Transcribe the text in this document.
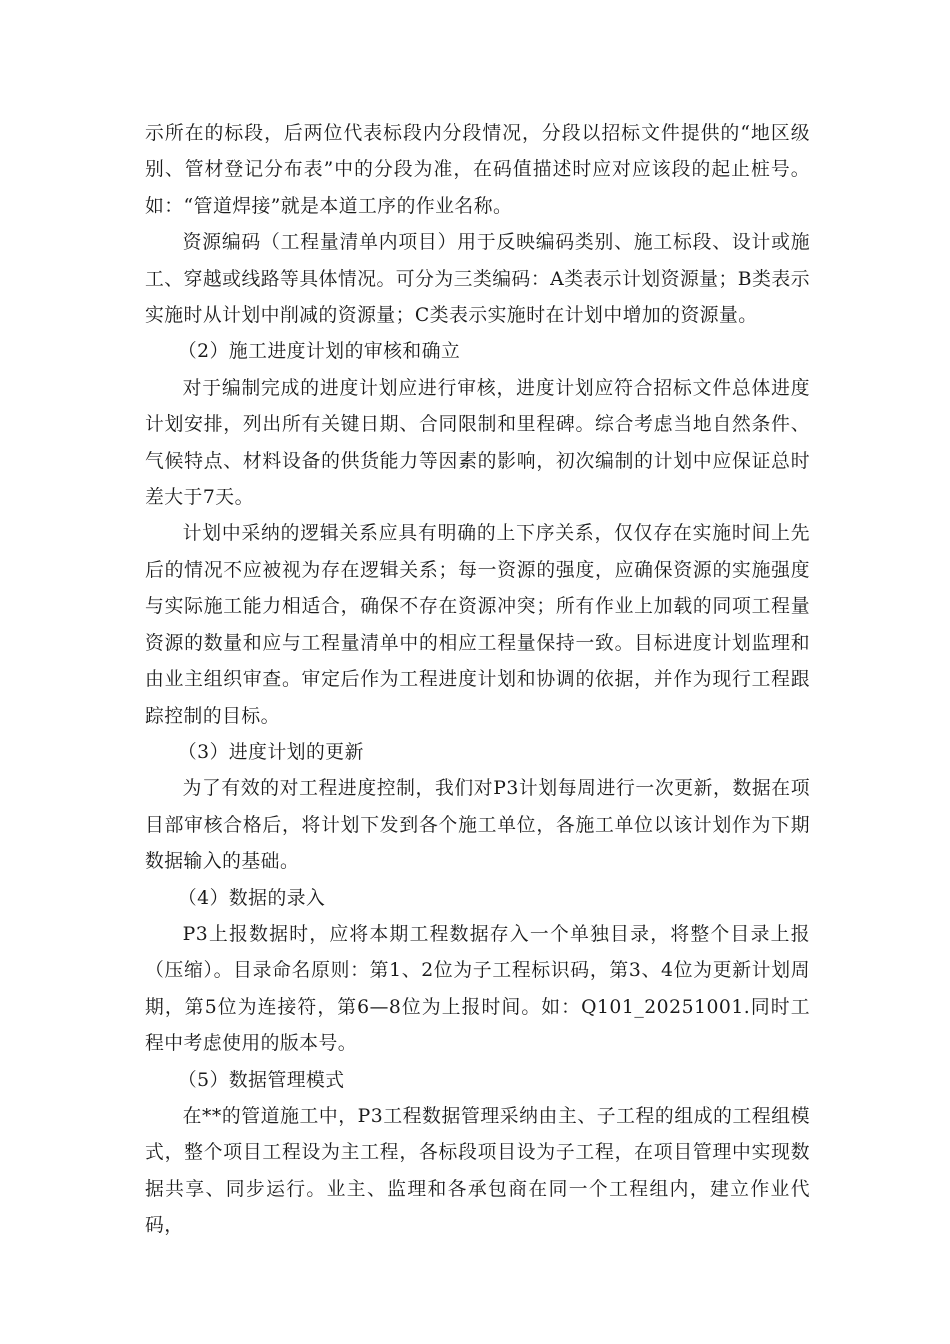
示所在的标段，后两位代表标段内分段情况，分段以招标文件提供的“地区级别、管材登记分布表”中的分段为准，在码值描述时应对应该段的起止桩号。如：“管道焊接”就是本道工序的作业名称。

资源编码（工程量清单内项目）用于反映编码类别、施工标段、设计或施工、穿越或线路等具体情况。可分为三类编码：A类表示计划资源量；B类表示实施时从计划中削减的资源量；C类表示实施时在计划中增加的资源量。

（2）施工进度计划的审核和确立

对于编制完成的进度计划应进行审核，进度计划应符合招标文件总体进度计划安排，列出所有关键日期、合同限制和里程碑。综合考虑当地自然条件、气候特点、材料设备的供货能力等因素的影响，初次编制的计划中应保证总时差大于7天。

计划中采纳的逻辑关系应具有明确的上下序关系，仅仅存在实施时间上先后的情况不应被视为存在逻辑关系；每一资源的强度，应确保资源的实施强度与实际施工能力相适合，确保不存在资源冲突；所有作业上加载的同项工程量资源的数量和应与工程量清单中的相应工程量保持一致。目标进度计划监理和由业主组织审查。审定后作为工程进度计划和协调的依据，并作为现行工程跟踪控制的目标。

（3）进度计划的更新

为了有效的对工程进度控制，我们对P3计划每周进行一次更新，数据在项目部审核合格后，将计划下发到各个施工单位，各施工单位以该计划作为下期数据输入的基础。

（4）数据的录入

P3上报数据时，应将本期工程数据存入一个单独目录，将整个目录上报（压缩）。目录命名原则：第1、2位为子工程标识码，第3、4位为更新计划周期，第5位为连接符，第6—8位为上报时间。如：Q101_20251001.同时工程中考虑使用的版本号。

（5）数据管理模式

在**的管道施工中，P3工程数据管理采纳由主、子工程的组成的工程组模式，整个项目工程设为主工程，各标段项目设为子工程，在项目管理中实现数据共享、同步运行。业主、监理和各承包商在同一个工程组内，建立作业代码，
